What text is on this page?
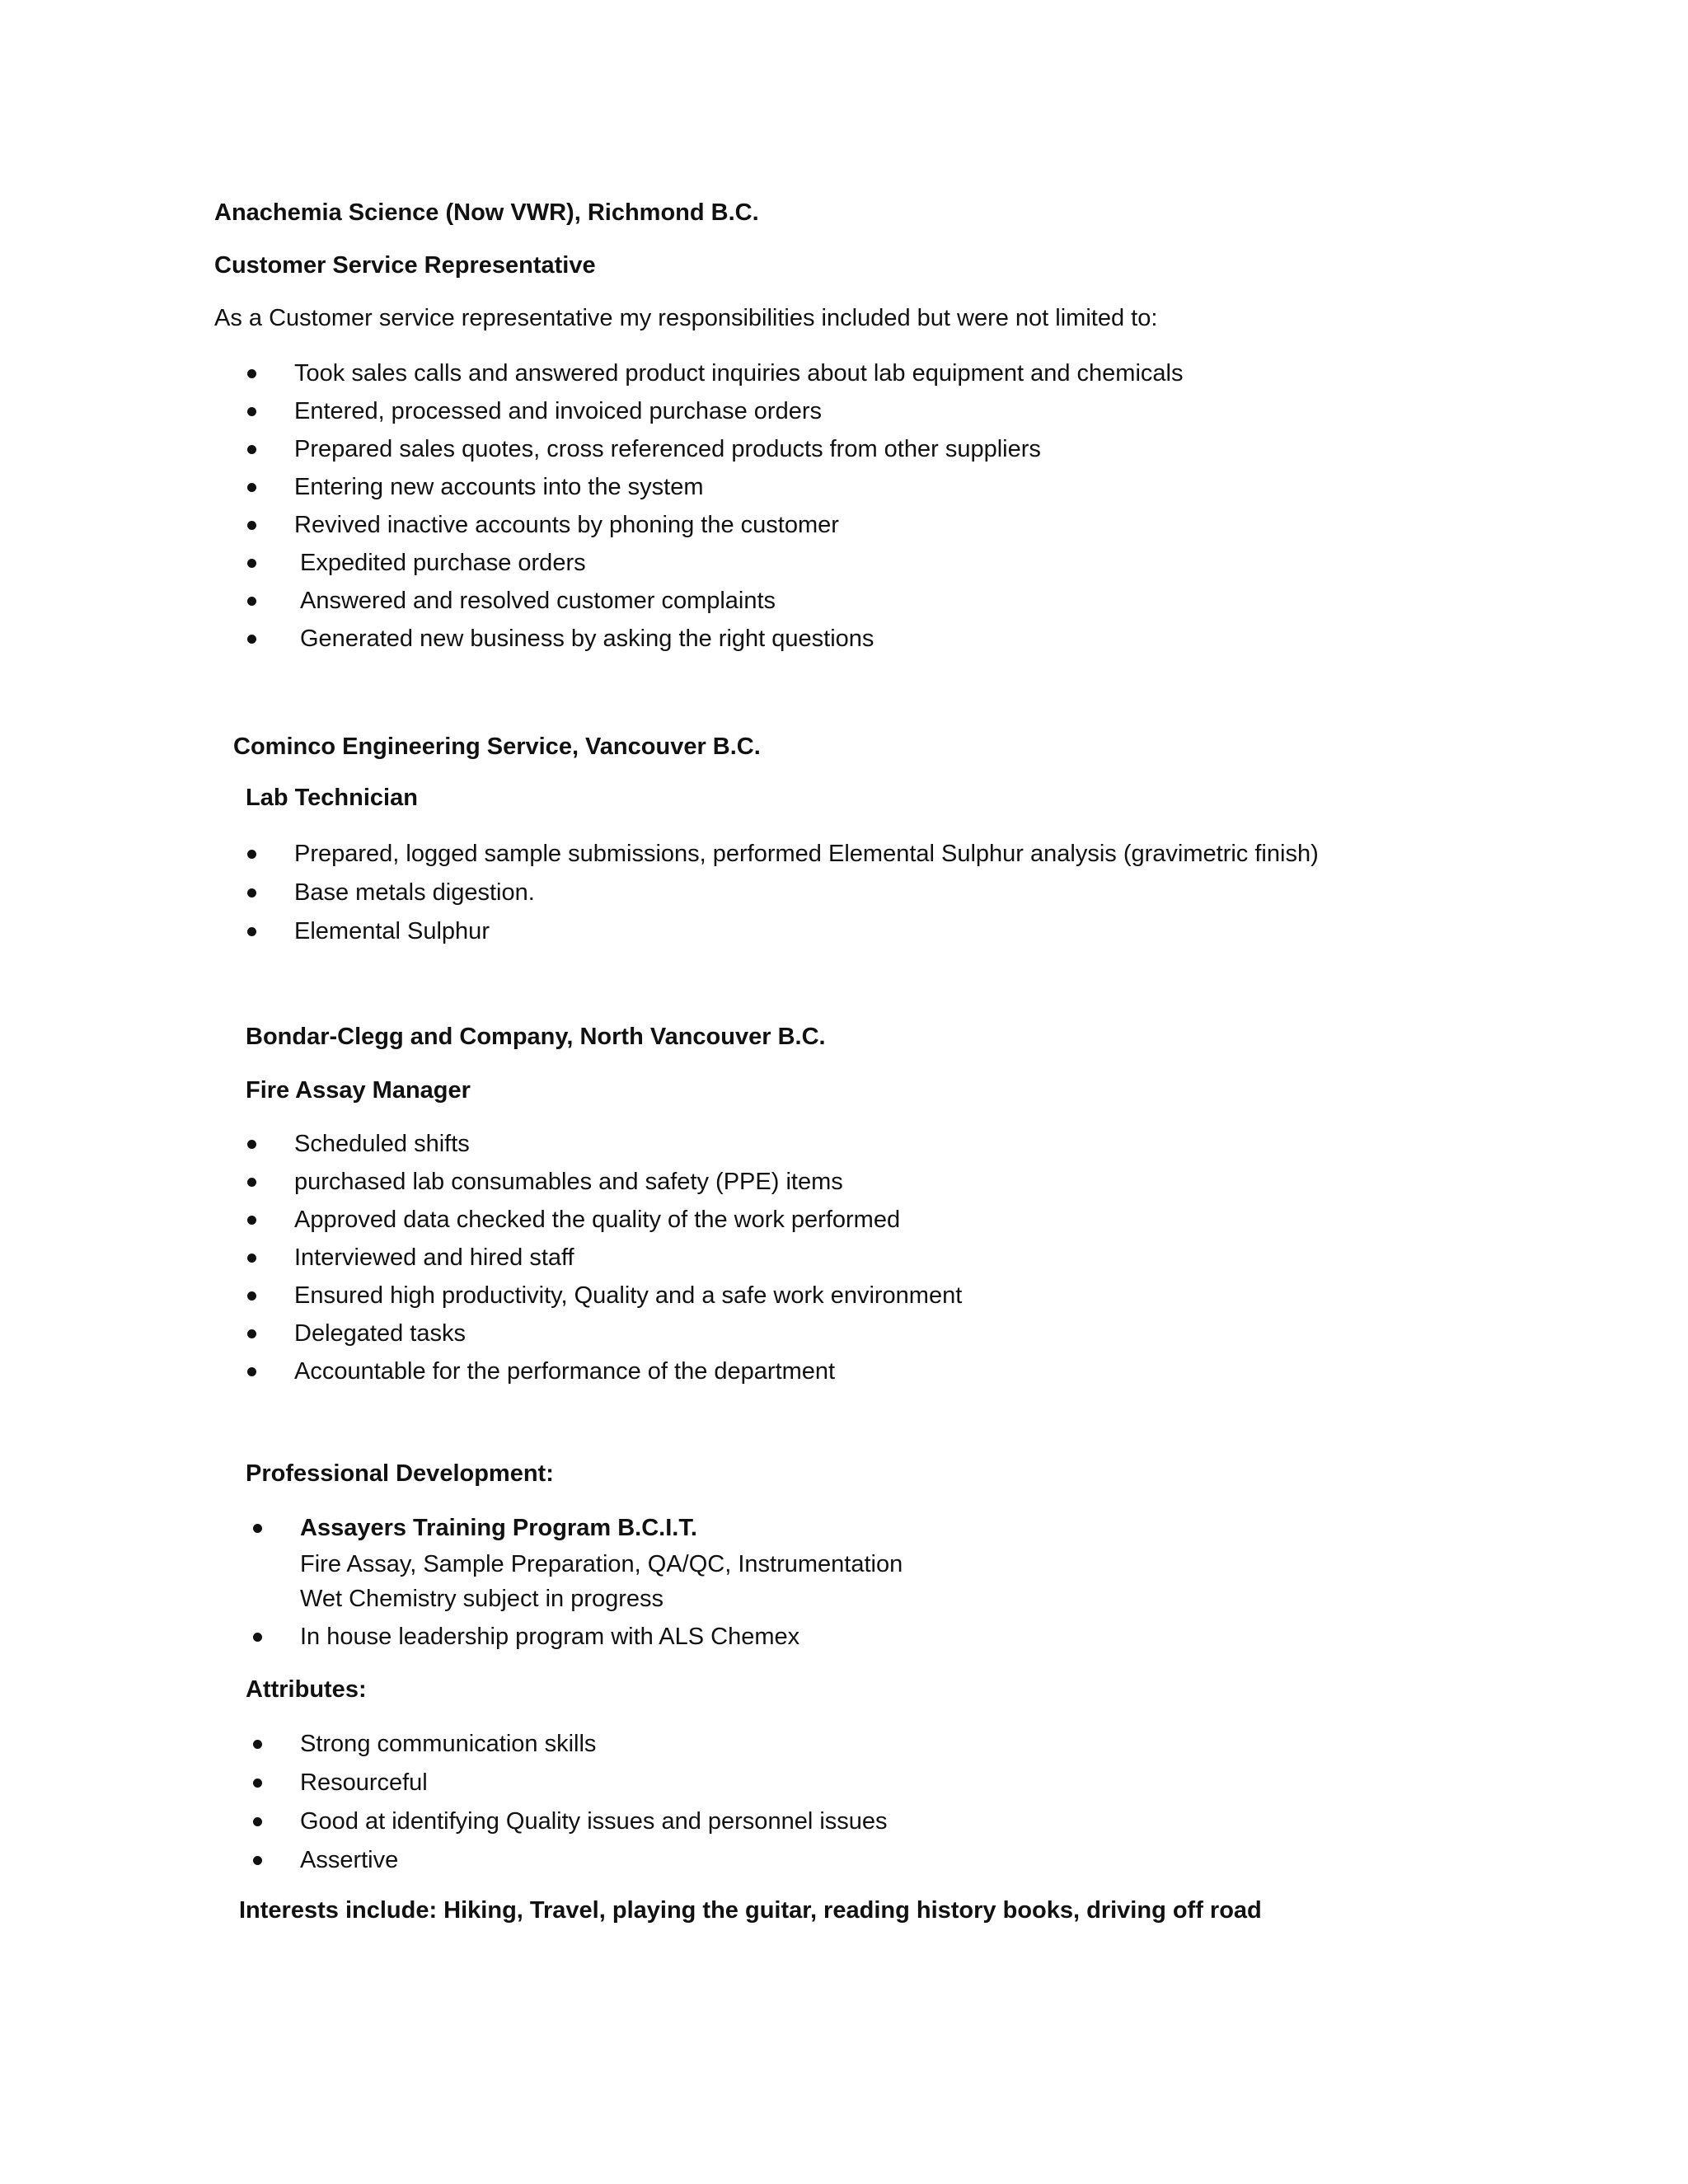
Anachemia Science (Now VWR), Richmond B.C.
Customer Service Representative
As a Customer service representative my responsibilities included but were not limited to:
Took sales calls and answered product inquiries about lab equipment and chemicals
Entered, processed and invoiced purchase orders
Prepared sales quotes, cross referenced products from other suppliers
Entering new accounts into the system
Revived inactive accounts by phoning the customer
Expedited purchase orders
Answered and resolved customer complaints
Generated new business by asking the right questions
Cominco Engineering Service, Vancouver B.C.
Lab Technician
Prepared, logged sample submissions, performed Elemental Sulphur analysis (gravimetric finish)
Base metals digestion.
Elemental Sulphur
Bondar-Clegg and Company, North Vancouver B.C.
Fire Assay Manager
Scheduled shifts
purchased lab consumables and safety (PPE) items
Approved data checked the quality of the work performed
Interviewed and hired staff
Ensured high productivity, Quality and a safe work environment
Delegated tasks
Accountable for the performance of the department
Professional Development:
Assayers Training Program B.C.I.T.
Fire Assay, Sample Preparation, QA/QC, Instrumentation
Wet Chemistry subject in progress
In house leadership program with ALS Chemex
Attributes:
Strong communication skills
Resourceful
Good at identifying Quality issues and personnel issues
Assertive
Interests include: Hiking, Travel, playing the guitar, reading history books, driving off road
